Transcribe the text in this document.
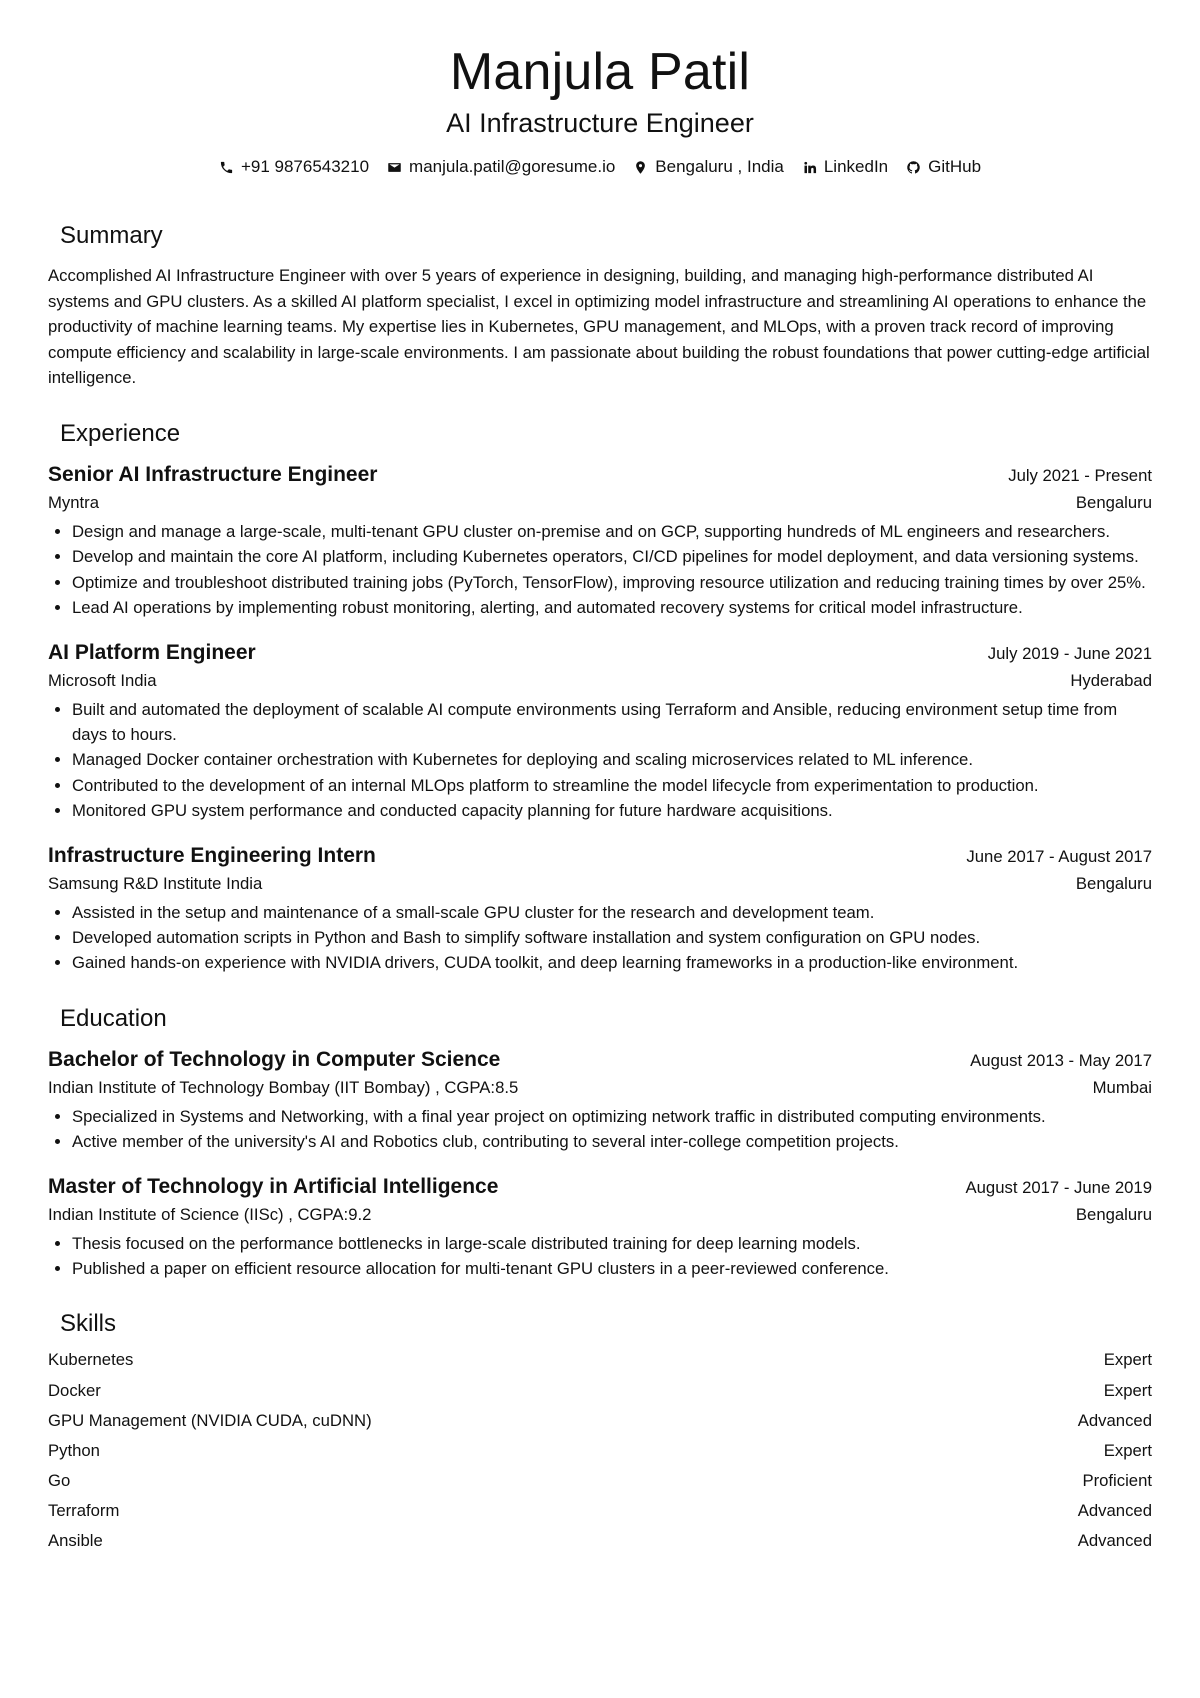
Manjula Patil
AI Infrastructure Engineer
+91 9876543210 manjula.patil@goresume.io Bengaluru , India LinkedIn GitHub
Summary
Accomplished AI Infrastructure Engineer with over 5 years of experience in designing, building, and managing high-performance distributed AI systems and GPU clusters. As a skilled AI platform specialist, I excel in optimizing model infrastructure and streamlining AI operations to enhance the productivity of machine learning teams. My expertise lies in Kubernetes, GPU management, and MLOps, with a proven track record of improving compute efficiency and scalability in large-scale environments. I am passionate about building the robust foundations that power cutting-edge artificial intelligence.
Experience
Senior AI Infrastructure Engineer	July 2021 - Present
Myntra	Bengaluru
• Design and manage a large-scale, multi-tenant GPU cluster on-premise and on GCP, supporting hundreds of ML engineers and researchers.
• Develop and maintain the core AI platform, including Kubernetes operators, CI/CD pipelines for model deployment, and data versioning systems.
• Optimize and troubleshoot distributed training jobs (PyTorch, TensorFlow), improving resource utilization and reducing training times by over 25%.
• Lead AI operations by implementing robust monitoring, alerting, and automated recovery systems for critical model infrastructure.
AI Platform Engineer	July 2019 - June 2021
Microsoft India	Hyderabad
• Built and automated the deployment of scalable AI compute environments using Terraform and Ansible, reducing environment setup time from days to hours.
• Managed Docker container orchestration with Kubernetes for deploying and scaling microservices related to ML inference.
• Contributed to the development of an internal MLOps platform to streamline the model lifecycle from experimentation to production.
• Monitored GPU system performance and conducted capacity planning for future hardware acquisitions.
Infrastructure Engineering Intern	June 2017 - August 2017
Samsung R&D Institute India	Bengaluru
• Assisted in the setup and maintenance of a small-scale GPU cluster for the research and development team.
• Developed automation scripts in Python and Bash to simplify software installation and system configuration on GPU nodes.
• Gained hands-on experience with NVIDIA drivers, CUDA toolkit, and deep learning frameworks in a production-like environment.
Education
Bachelor of Technology in Computer Science	August 2013 - May 2017
Indian Institute of Technology Bombay (IIT Bombay) , CGPA:8.5	Mumbai
• Specialized in Systems and Networking, with a final year project on optimizing network traffic in distributed computing environments.
• Active member of the university's AI and Robotics club, contributing to several inter-college competition projects.
Master of Technology in Artificial Intelligence	August 2017 - June 2019
Indian Institute of Science (IISc) , CGPA:9.2	Bengaluru
• Thesis focused on the performance bottlenecks in large-scale distributed training for deep learning models.
• Published a paper on efficient resource allocation for multi-tenant GPU clusters in a peer-reviewed conference.
Skills
Kubernetes	Expert
Docker	Expert
GPU Management (NVIDIA CUDA, cuDNN)	Advanced
Python	Expert
Go	Proficient
Terraform	Advanced
Ansible	Advanced
